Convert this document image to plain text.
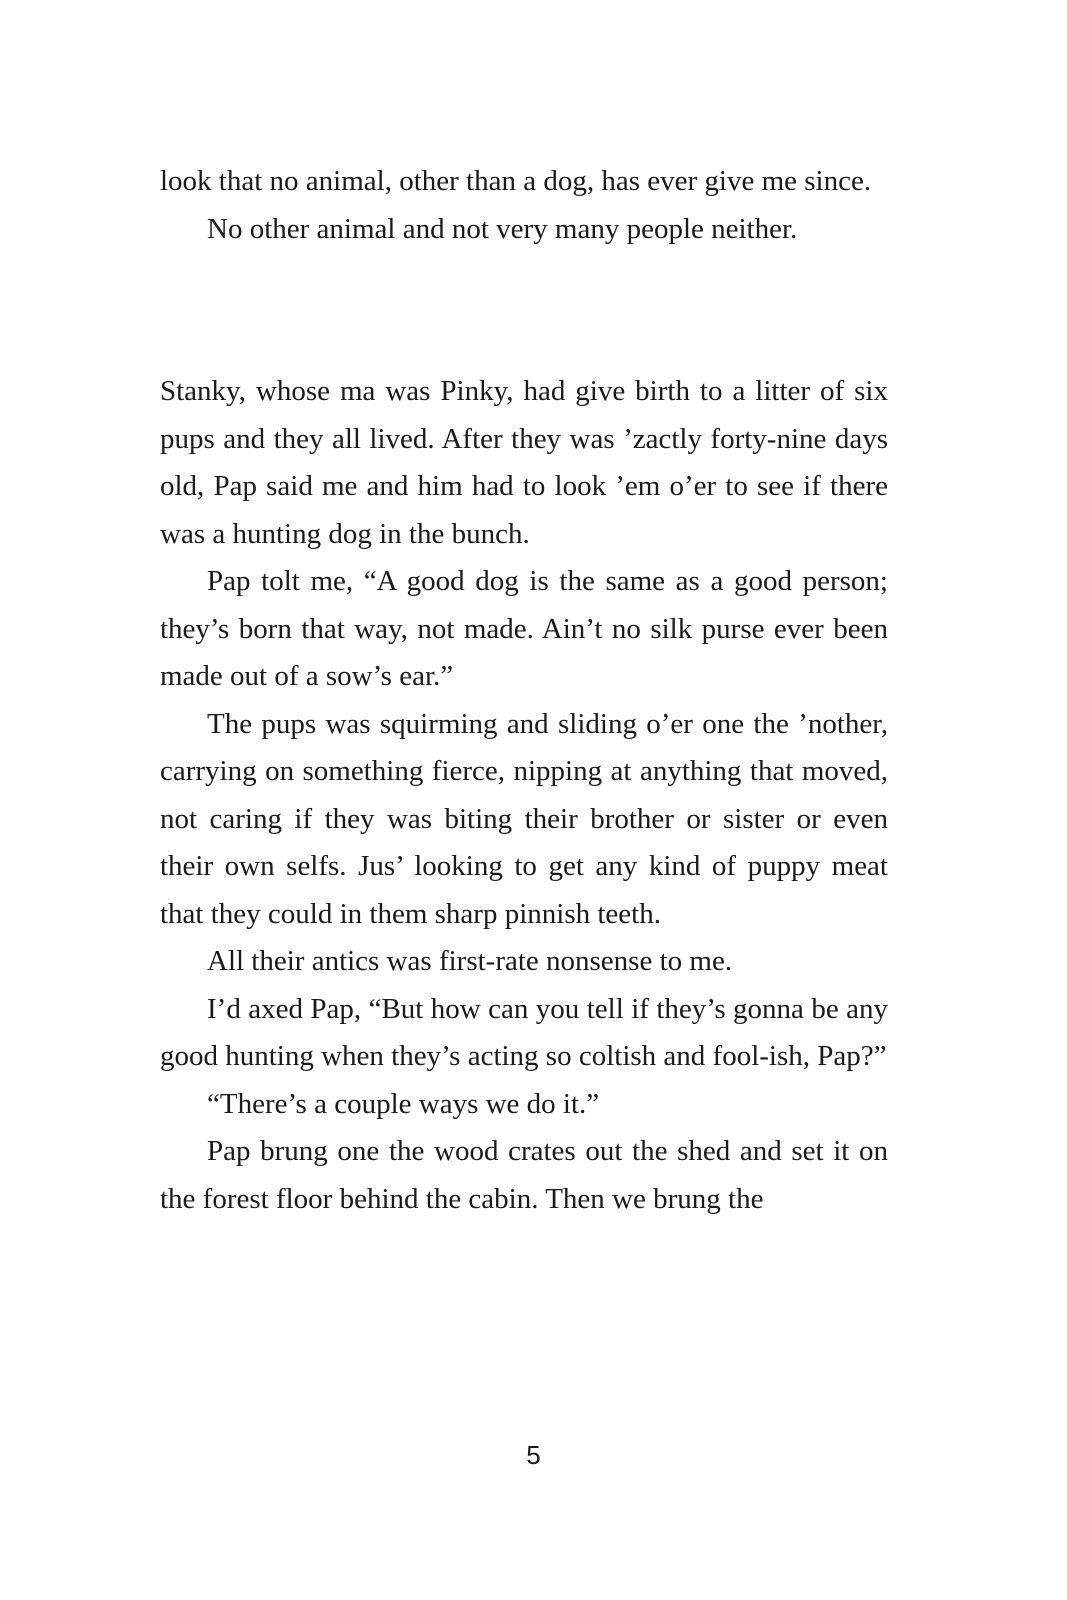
look that no animal, other than a dog, has ever give me since.

No other animal and not very many people neither.

Stanky, whose ma was Pinky, had give birth to a litter of six pups and they all lived. After they was ’zactly forty-nine days old, Pap said me and him had to look ’em o’er to see if there was a hunting dog in the bunch.

Pap tolt me, “A good dog is the same as a good person; they’s born that way, not made. Ain’t no silk purse ever been made out of a sow’s ear.”

The pups was squirming and sliding o’er one the ’nother, carrying on something fierce, nipping at anything that moved, not caring if they was biting their brother or sister or even their own selfs. Jus’ looking to get any kind of puppy meat that they could in them sharp pinnish teeth.

All their antics was first-rate nonsense to me.

I’d axed Pap, “But how can you tell if they’s gonna be any good hunting when they’s acting so coltish and fool-ish, Pap?”

“There’s a couple ways we do it.”

Pap brung one the wood crates out the shed and set it on the forest floor behind the cabin. Then we brung the

5
